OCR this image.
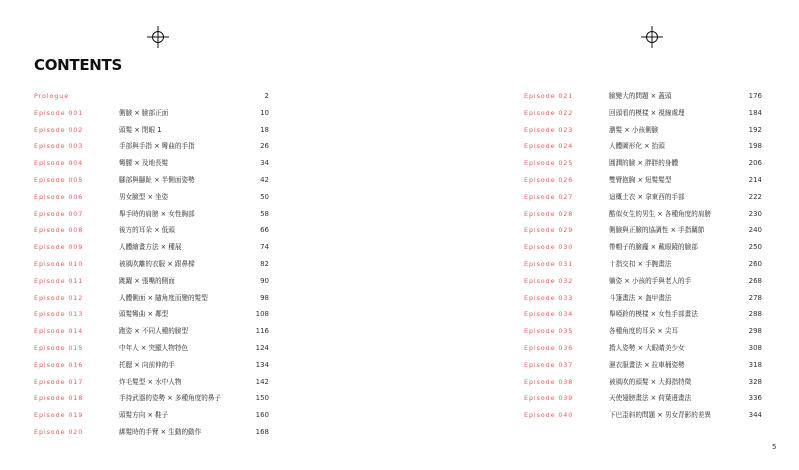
CONTENTS
Prologue	2
Episode 001	側臉 × 臉部正面	10
Episode 002	頭髮 × 閉眼 1	18
Episode 003	手部與手指 × 彎曲的手指	26
Episode 004	彎腰 × 及地長髮	34
Episode 005	腳部與腳趾 × 半側面姿勢	42
Episode 006	男女臉型 × 坐姿	50
Episode 007	舉手時的肩膀 × 女性胸部	58
Episode 008	後方的耳朵 × 低頭	66
Episode 009	人體繪畫方法 × 種展	74
Episode 010	被風吹離的衣服 × 跟鼻樑	82
Episode 011	跳躍 × 張嘴的側面	90
Episode 012	人體側面 × 隨角度而變的髮型	98
Episode 013	頭髮彎曲 × 鄰型	108
Episode 014	跑姿 × 不同人種的臉型	116
Episode 015	中年人 × 突顯人物特色	124
Episode 016	托腮 × 向前伸的手	134
Episode 017	炸毛髮型 × 水中人物	142
Episode 018	手持武器的姿勢 × 多種角度的鼻子	150
Episode 019	頭髮方向 × 鞋子	160
Episode 020	綁髮時的手臂 × 生動的動作	168
Episode 021	臉變大的問題 × 蓋頭	176
Episode 022	回頭看的模樣 × 視線處理	184
Episode 023	瀏髮 × 小孩側臉	192
Episode 024	人體圖形化 × 抬頭	198
Episode 025	圓潤的臉 × 胖胖的身體	206
Episode 026	雙臂抱胸 × 短髮髮型	214
Episode 027	這概上衣 × 拿東西的手部	222
Episode 028	酷似女生的男生 × 各種角度的肩膀	230
Episode 029	側臉與正臉的協調性 × 手指關節	240
Episode 030	帶帽子的臉龐 × 戴眼鏡的臉部	250
Episode 031	十指交扣 × 手腕畫法	260
Episode 032	躺姿 × 小孩的手與老人的手	268
Episode 033	斗篷畫法 × 盔甲畫法	278
Episode 034	舉啞鈴的模樣 × 女性手部畫法	288
Episode 035	各種角度的耳朵 × 尖耳	298
Episode 036	揹人姿勢 × 大眼睛美少女	308
Episode 037	濕衣服畫法 × 拉車桶姿勢	318
Episode 038	被風吹的頭髮 × 大拇指特徵	328
Episode 039	天使翅膀畫法 × 荷葉邊畫法	336
Episode 040	下巴歪斜的問題 × 男女背影的差異	344
5
